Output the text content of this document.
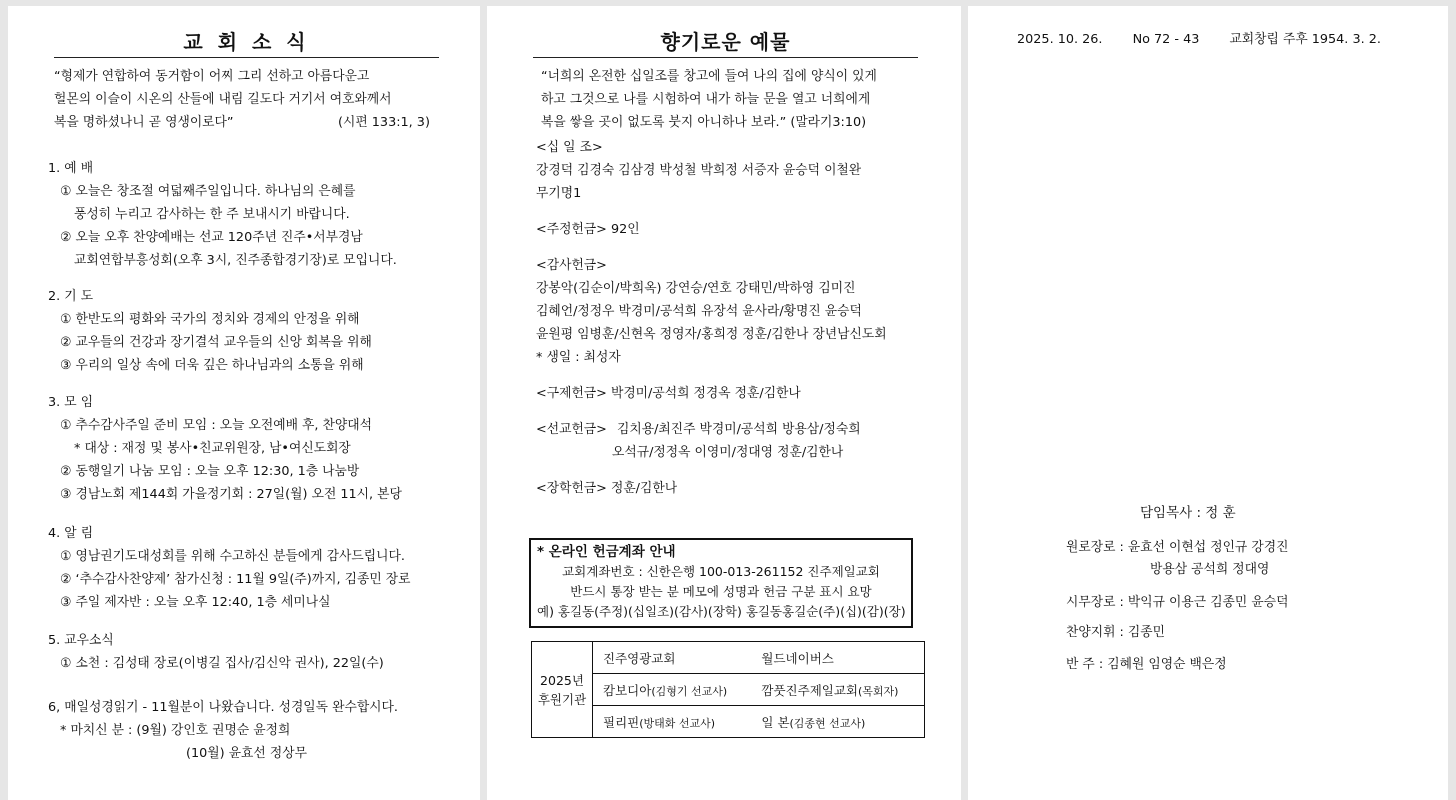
교 회 소 식
“형제가 연합하여 동거함이 어찌 그리 선하고 아름다운고
헐몬의 이슬이 시온의 산들에 내림 길도다 거기서 여호와께서
복을 명하셨나니 곧 영생이로다”	(시편 133:1, 3)
1. 예 배
① 오늘은 창조절 여덟째주일입니다. 하나님의 은혜를
풍성히 누리고 감사하는 한 주 보내시기 바랍니다.
② 오늘 오후 찬양예배는 선교 120주년 진주•서부경남
교회연합부흥성회(오후 3시, 진주종합경기장)로 모입니다.
2. 기 도
① 한반도의 평화와 국가의 정치와 경제의 안정을 위해
② 교우들의 건강과 장기결석 교우들의 신앙 회복을 위해
③ 우리의 일상 속에 더욱 깊은 하나님과의 소통을 위해
3. 모 임
① 추수감사주일 준비 모임 : 오늘 오전예배 후, 찬양대석
* 대상 : 재정 및 봉사•친교위원장, 남•여신도회장
② 동행일기 나눔 모임 : 오늘 오후 12:30, 1층 나눔방
③ 경남노회 제144회 가을정기회 : 27일(월) 오전 11시, 본당
4. 알 림
① 영남권기도대성회를 위해 수고하신 분들에게 감사드립니다.
② ‘추수감사찬양제’ 참가신청 : 11월 9일(주)까지, 김종민 장로
③ 주일 제자반 : 오늘 오후 12:40, 1층 세미나실
5. 교우소식
① 소천 : 김성태 장로(이병길 집사/김신악 권사), 22일(수)
6, 매일성경읽기 - 11월분이 나왔습니다. 성경일독 완수합시다.
* 마치신 분 : (9월) 강인호 권명순 윤정희
(10월) 윤효선 정상무
향기로운 예물
“너희의 온전한 십일조를 창고에 들여 나의 집에 양식이 있게
하고 그것으로 나를 시험하여 내가 하늘 문을 열고 너희에게
복을 쌓을 곳이 없도록 붓지 아니하나 보라.” (말라기3:10)
<십 일 조>
강경덕 김경숙 김삼경 박성철 박희정 서증자 윤승덕 이철완
무기명1
<주정헌금> 92인
<감사헌금>
강봉악(김순이/박희옥) 강연승/연호 강태민/박하영 김미진
김혜언/정정우 박경미/공석희 유장석 윤사라/황명진 윤승덕
윤원평 임병훈/신현옥 정영자/홍희정 정훈/김한나 장년남신도회
* 생일 : 최성자
<구제헌금> 박경미/공석희 정경옥 정훈/김한나
<선교헌금> 김치용/최진주 박경미/공석희 방용삼/정숙희
오석규/정정옥 이영미/정대영 정훈/김한나
<장학헌금> 정훈/김한나
* 온라인 헌금계좌 안내
교회계좌번호 : 신한은행 100-013-261152 진주제일교회
반드시 통장 받는 분 메모에 성명과 헌금 구분 표시 요망
예) 홍길동(주정)(십일조)(감사)(장학) 홍길동홍길순(주)(십)(감)(장)
2025년
후원기관	진주영광교회	월드네이버스
	캄보디아(김형기 선교사)	깜풋진주제일교회(목회자)
	필리핀(방태화 선교사)	일 본(김종현 선교사)
2025. 10. 26. No 72 - 43 교회창립 주후 1954. 3. 2.
담임목사 : 정 훈
원로장로 : 윤효선 이현섭 정인규 강경진
방용삼 공석희 정대영
시무장로 : 박익규 이용근 김종민 윤승덕
찬양지휘 : 김종민
반 주 : 김혜원 임영순 백은정
